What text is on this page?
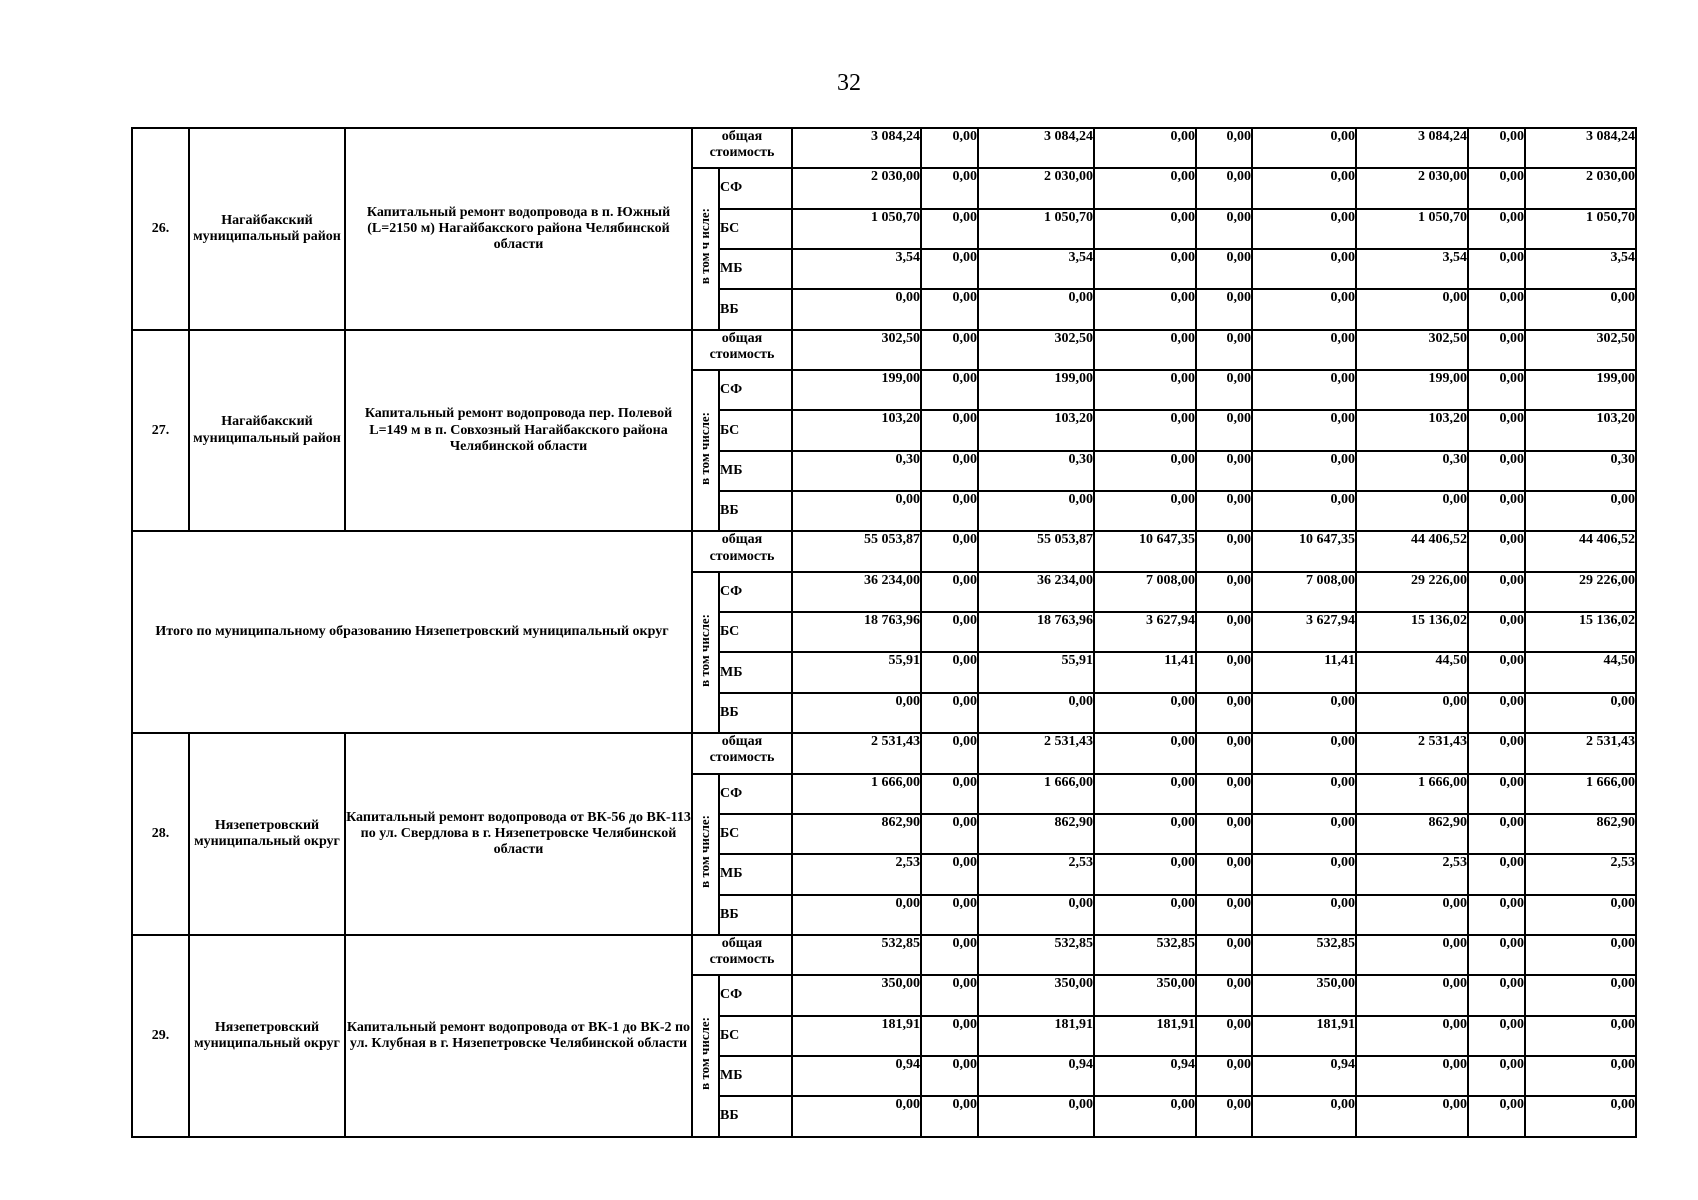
32
26.	Нагайбакский муниципальный район	Капитальный ремонт водопровода в п. Южный (L=2150 м) Нагайбакского района Челябинской области	общая стоимость		3 084,24	0,00	3 084,24	0,00	0,00	0,00	3 084,24	0,00	3 084,24
			в том ч исле:	СФ	2 030,00	0,00	2 030,00	0,00	0,00	0,00	2 030,00	0,00	2 030,00
				БС	1 050,70	0,00	1 050,70	0,00	0,00	0,00	1 050,70	0,00	1 050,70
				МБ	3,54	0,00	3,54	0,00	0,00	0,00	3,54	0,00	3,54
				ВБ	0,00	0,00	0,00	0,00	0,00	0,00	0,00	0,00	0,00
27.	Нагайбакский муниципальный район	Капитальный ремонт водопровода пер. Полевой L=149 м в п. Совхозный Нагайбакского района Челябинской области	общая стоимость		302,50	0,00	302,50	0,00	0,00	0,00	302,50	0,00	302,50
			в том числе:	СФ	199,00	0,00	199,00	0,00	0,00	0,00	199,00	0,00	199,00
				БС	103,20	0,00	103,20	0,00	0,00	0,00	103,20	0,00	103,20
				МБ	0,30	0,00	0,30	0,00	0,00	0,00	0,30	0,00	0,30
				ВБ	0,00	0,00	0,00	0,00	0,00	0,00	0,00	0,00	0,00
Итого по муниципальному образованию Нязепетровский муниципальный округ			общая стоимость		55 053,87	0,00	55 053,87	10 647,35	0,00	10 647,35	44 406,52	0,00	44 406,52
			в том числе:	СФ	36 234,00	0,00	36 234,00	7 008,00	0,00	7 008,00	29 226,00	0,00	29 226,00
				БС	18 763,96	0,00	18 763,96	3 627,94	0,00	3 627,94	15 136,02	0,00	15 136,02
				МБ	55,91	0,00	55,91	11,41	0,00	11,41	44,50	0,00	44,50
				ВБ	0,00	0,00	0,00	0,00	0,00	0,00	0,00	0,00	0,00
28.	Нязепетровский муниципальный округ	Капитальный ремонт водопровода от ВК-56 до ВК-113 по ул. Свердлова в г. Нязепетровске Челябинской области	общая стоимость		2 531,43	0,00	2 531,43	0,00	0,00	0,00	2 531,43	0,00	2 531,43
			в том числе:	СФ	1 666,00	0,00	1 666,00	0,00	0,00	0,00	1 666,00	0,00	1 666,00
				БС	862,90	0,00	862,90	0,00	0,00	0,00	862,90	0,00	862,90
				МБ	2,53	0,00	2,53	0,00	0,00	0,00	2,53	0,00	2,53
				ВБ	0,00	0,00	0,00	0,00	0,00	0,00	0,00	0,00	0,00
29.	Нязепетровский муниципальный округ	Капитальный ремонт водопровода от ВК-1 до ВК-2 по ул. Клубная в г. Нязепетровске Челябинской области	общая стоимость		532,85	0,00	532,85	532,85	0,00	532,85	0,00	0,00	0,00
			в том числе:	СФ	350,00	0,00	350,00	350,00	0,00	350,00	0,00	0,00	0,00
				БС	181,91	0,00	181,91	181,91	0,00	181,91	0,00	0,00	0,00
				МБ	0,94	0,00	0,94	0,94	0,00	0,94	0,00	0,00	0,00
				ВБ	0,00	0,00	0,00	0,00	0,00	0,00	0,00	0,00	0,00
